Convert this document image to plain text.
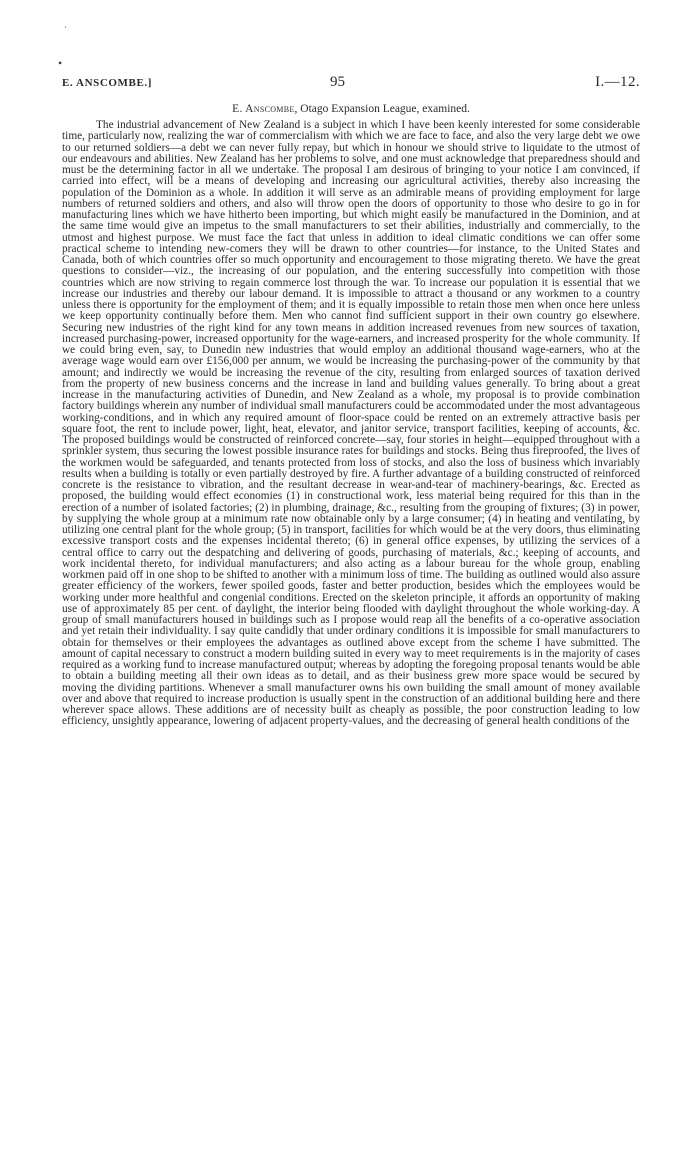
·
•
E. ANSCOMBE.]	95	I.—12.
E. Anscombe, Otago Expansion League, examined.

The industrial advancement of New Zealand is a subject in which I have been keenly interested for some considerable time, particularly now, realizing the war of commercialism with which we are face to face, and also the very large debt we owe to our returned soldiers—a debt we can never fully repay, but which in honour we should strive to liquidate to the utmost of our endeavours and abilities. New Zealand has her problems to solve, and one must acknowledge that preparedness should and must be the determining factor in all we undertake. The proposal I am desirous of bringing to your notice I am convinced, if carried into effect, will be a means of developing and increasing our agricultural activities, thereby also increasing the population of the Dominion as a whole. In addition it will serve as an admirable means of providing employment for large numbers of returned soldiers and others, and also will throw open the doors of opportunity to those who desire to go in for manufacturing lines which we have hitherto been importing, but which might easily be manufactured in the Dominion, and at the same time would give an impetus to the small manufacturers to set their abilities, industrially and commercially, to the utmost and highest purpose. We must face the fact that unless in addition to ideal climatic conditions we can offer some practical scheme to intending new-comers they will be drawn to other countries—for instance, to the United States and Canada, both of which countries offer so much opportunity and encouragement to those migrating thereto. We have the great questions to consider—viz., the increasing of our population, and the entering successfully into competition with those countries which are now striving to regain commerce lost through the war. To increase our population it is essential that we increase our industries and thereby our labour demand. It is impossible to attract a thousand or any workmen to a country unless there is opportunity for the employment of them; and it is equally impossible to retain those men when once here unless we keep opportunity continually before them. Men who cannot find sufficient support in their own country go elsewhere. Securing new industries of the right kind for any town means in addition increased revenues from new sources of taxation, increased purchasing-power, increased opportunity for the wage-earners, and increased prosperity for the whole community. If we could bring even, say, to Dunedin new industries that would employ an additional thousand wage-earners, who at the average wage would earn over £156,000 per annum, we would be increasing the purchasing-power of the community by that amount; and indirectly we would be increasing the revenue of the city, resulting from enlarged sources of taxation derived from the property of new business concerns and the increase in land and building values generally. To bring about a great increase in the manufacturing activities of Dunedin, and New Zealand as a whole, my proposal is to provide combination factory buildings wherein any number of individual small manufacturers could be accommodated under the most advantageous working-conditions, and in which any required amount of floor-space could be rented on an extremely attractive basis per square foot, the rent to include power, light, heat, elevator, and janitor service, transport facilities, keeping of accounts, &c. The proposed buildings would be constructed of reinforced concrete—say, four stories in height—equipped throughout with a sprinkler system, thus securing the lowest possible insurance rates for buildings and stocks. Being thus fireproofed, the lives of the workmen would be safeguarded, and tenants protected from loss of stocks, and also the loss of business which invariably results when a building is totally or even partially destroyed by fire. A further advantage of a building constructed of reinforced concrete is the resistance to vibration, and the resultant decrease in wear-and-tear of machinery-bearings, &c. Erected as proposed, the building would effect economies (1) in constructional work, less material being required for this than in the erection of a number of isolated factories; (2) in plumbing, drainage, &c., resulting from the grouping of fixtures; (3) in power, by supplying the whole group at a minimum rate now obtainable only by a large consumer; (4) in heating and ventilating, by utilizing one central plant for the whole group; (5) in transport, facilities for which would be at the very doors, thus eliminating excessive transport costs and the expenses incidental thereto; (6) in general office expenses, by utilizing the services of a central office to carry out the despatching and delivering of goods, purchasing of materials, &c.; keeping of accounts, and work incidental thereto, for individual manufacturers; and also acting as a labour bureau for the whole group, enabling workmen paid off in one shop to be shifted to another with a minimum loss of time. The building as outlined would also assure greater efficiency of the workers, fewer spoiled goods, faster and better production, besides which the employees would be working under more healthful and congenial conditions. Erected on the skeleton principle, it affords an opportunity of making use of approximately 85 per cent. of daylight, the interior being flooded with daylight throughout the whole working-day. A group of small manufacturers housed in buildings such as I propose would reap all the benefits of a co-operative association and yet retain their individuality. I say quite candidly that under ordinary conditions it is impossible for small manufacturers to obtain for themselves or their employees the advantages as outlined above except from the scheme I have submitted. The amount of capital necessary to construct a modern building suited in every way to meet requirements is in the majority of cases required as a working fund to increase manufactured output; whereas by adopting the foregoing proposal tenants would be able to obtain a building meeting all their own ideas as to detail, and as their business grew more space would be secured by moving the dividing partitions. Whenever a small manufacturer owns his own building the small amount of money available over and above that required to increase production is usually spent in the construction of an additional building here and there wherever space allows. These additions are of necessity built as cheaply as possible, the poor construction leading to low efficiency, unsightly appearance, lowering of adjacent property-values, and the decreasing of general health conditions of the
